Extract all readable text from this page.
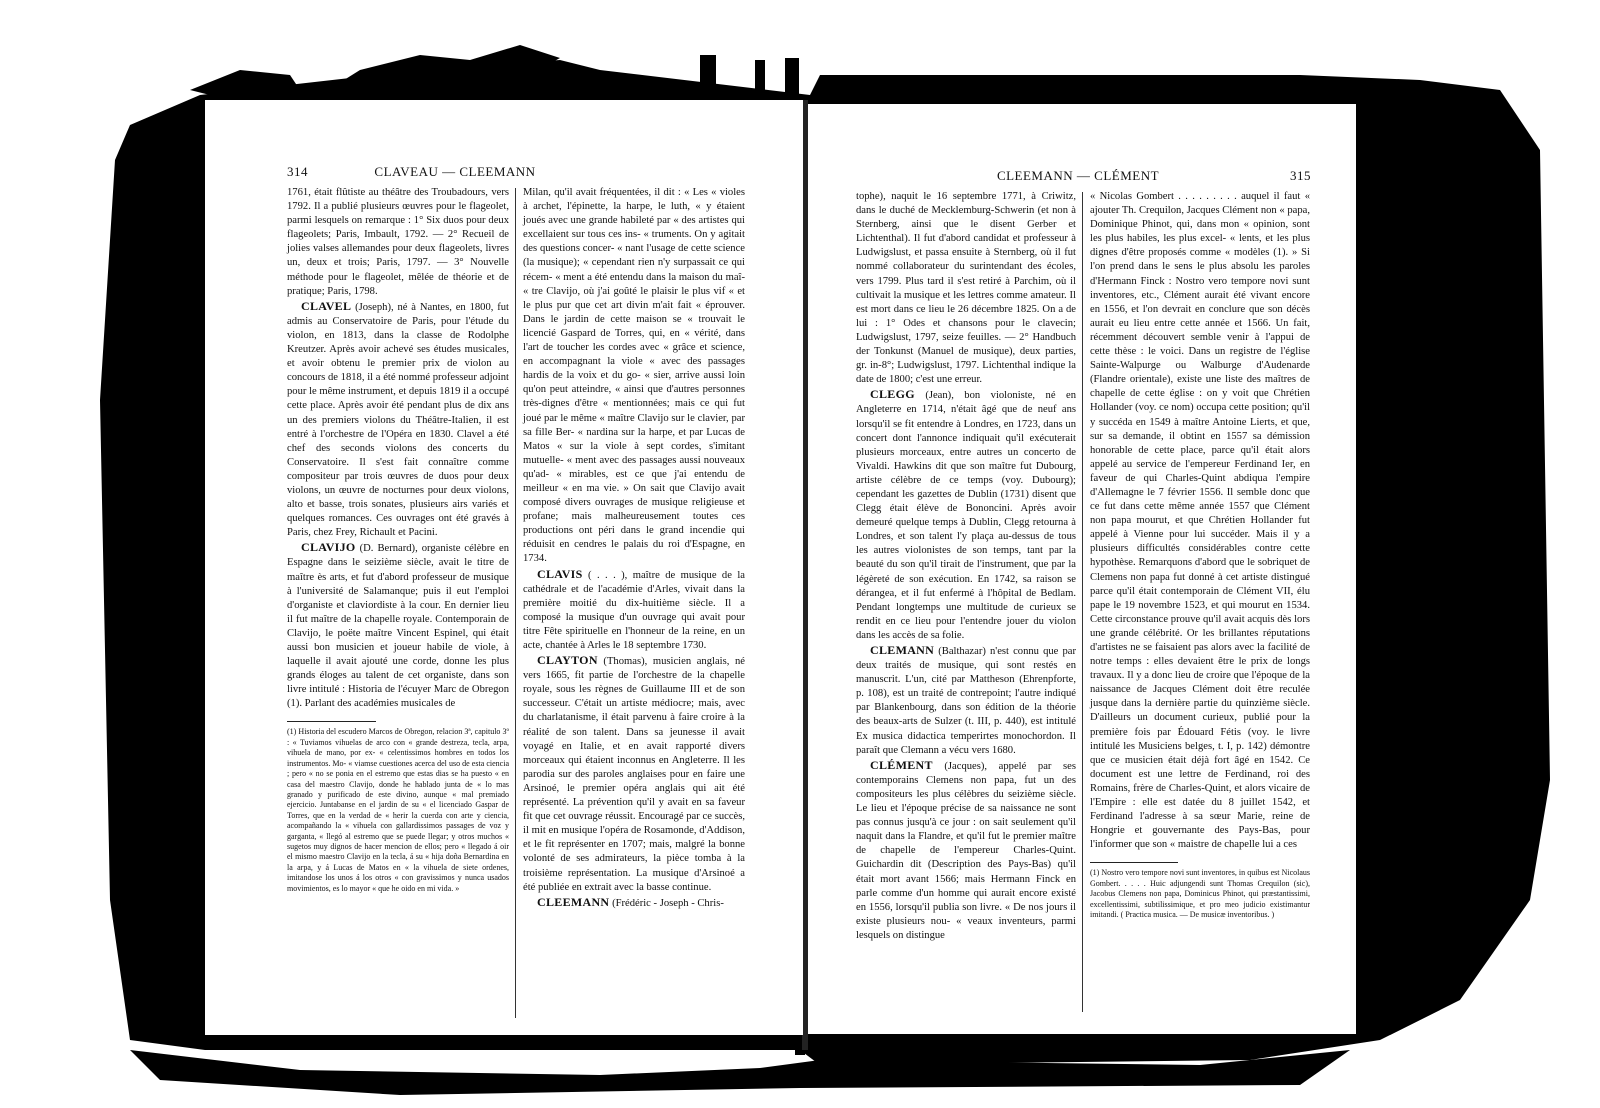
314	CLAVEAU — CLEEMANN

1761, était flûtiste au théâtre des Troubadours, vers 1792. Il a publié plusieurs œuvres pour le flageolet, parmi lesquels on remarque : 1° Six duos pour deux flageolets; Paris, Imbault, 1792. — 2° Recueil de jolies valses allemandes pour deux flageolets, livres un, deux et trois; Paris, 1797. — 3° Nouvelle méthode pour le flageolet, mêlée de théorie et de pratique; Paris, 1798.

CLAVEL (Joseph), né à Nantes, en 1800, fut admis au Conservatoire de Paris, pour l'étude du violon, en 1813, dans la classe de Rodolphe Kreutzer. Après avoir achevé ses études musicales, et avoir obtenu le premier prix de violon au concours de 1818, il a été nommé professeur adjoint pour le même instrument, et depuis 1819 il a occupé cette place. Après avoir été pendant plus de dix ans un des premiers violons du Théâtre-Italien, il est entré à l'orchestre de l'Opéra en 1830. Clavel a été chef des seconds violons des concerts du Conservatoire. Il s'est fait connaître comme compositeur par trois œuvres de duos pour deux violons, un œuvre de nocturnes pour deux violons, alto et basse, trois sonates, plusieurs airs variés et quelques romances. Ces ouvrages ont été gravés à Paris, chez Frey, Richault et Pacini.

CLAVIJO (D. Bernard), organiste célèbre en Espagne dans le seizième siècle, avait le titre de maître ès arts, et fut d'abord professeur de musique à l'université de Salamanque; puis il eut l'emploi d'organiste et claviordiste à la cour. En dernier lieu il fut maître de la chapelle royale. Contemporain de Clavijo, le poëte maître Vincent Espinel, qui était aussi bon musicien et joueur habile de viole, à laquelle il avait ajouté une corde, donne les plus grands éloges au talent de cet organiste, dans son livre intitulé : Historia de l'écuyer Marc de Obregon (1). Parlant des académies musicales de

(1) Historia del escudero Marcos de Obregon, relacion 3ª, capitulo 3º : « Tuviamos vihuelas de arco con « grande destreza, tecla, arpa, vihuela de mano, por ex- « celentissimos hombres en todos los instrumentos. Mo- « viamse cuestiones acerca del uso de esta ciencia ; pero « no se ponia en el estremo que estas dias se ha puesto « en casa del maestro Clavijo, donde he hablado junta de « lo mas granado y purificado de este divino, aunque « mal premiado ejercicio. Juntabanse en el jardin de su « el licenciado Gaspar de Torres, que en la verdad de « herir la cuerda con arte y ciencia, acompañando la « vihuela con gallardissimos passages de voz y garganta, « llegó al estremo que se puede llegar; y otros muchos « sugetos muy dignos de hacer mencion de ellos; pero « llegado á oir el mismo maestro Clavijo en la tecla, á su « hija doña Bernardina en la arpa, y á Lucas de Matos en « la vihuela de siete ordenes, imitandose los unos á los otros « con gravissimos y nunca usados movimientos, es lo mayor « que he oido en mi vida. »

Milan, qu'il avait fréquentées, il dit : « Les « violes à archet, l'épinette, la harpe, le luth, « y étaient joués avec une grande habileté par « des artistes qui excellaient sur tous ces ins- « truments. On y agitait des questions concer- « nant l'usage de cette science (la musique); « cependant rien n'y surpassait ce qui récem- « ment a été entendu dans la maison du maî- « tre Clavijo, où j'ai goûté le plaisir le plus vif « et le plus pur que cet art divin m'ait fait « éprouver. Dans le jardin de cette maison se « trouvait le licencié Gaspard de Torres, qui, en « vérité, dans l'art de toucher les cordes avec « grâce et science, en accompagnant la viole « avec des passages hardis de la voix et du go- « sier, arrive aussi loin qu'on peut atteindre, « ainsi que d'autres personnes très-dignes d'être « mentionnées; mais ce qui fut joué par le même « maître Clavijo sur le clavier, par sa fille Ber- « nardina sur la harpe, et par Lucas de Matos « sur la viole à sept cordes, s'imitant mutuelle- « ment avec des passages aussi nouveaux qu'ad- « mirables, est ce que j'ai entendu de meilleur « en ma vie. » On sait que Clavijo avait composé divers ouvrages de musique religieuse et profane; mais malheureusement toutes ces productions ont péri dans le grand incendie qui réduisit en cendres le palais du roi d'Espagne, en 1734.

CLAVIS ( . . . ), maître de musique de la cathédrale et de l'académie d'Arles, vivait dans la première moitié du dix-huitième siècle. Il a composé la musique d'un ouvrage qui avait pour titre Fête spirituelle en l'honneur de la reine, en un acte, chantée à Arles le 18 septembre 1730.

CLAYTON (Thomas), musicien anglais, né vers 1665, fit partie de l'orchestre de la chapelle royale, sous les règnes de Guillaume III et de son successeur. C'était un artiste médiocre; mais, avec du charlatanisme, il était parvenu à faire croire à la réalité de son talent. Dans sa jeunesse il avait voyagé en Italie, et en avait rapporté divers morceaux qui étaient inconnus en Angleterre. Il les parodia sur des paroles anglaises pour en faire une Arsinoé, le premier opéra anglais qui ait été représenté. La prévention qu'il y avait en sa faveur fit que cet ouvrage réussit. Encouragé par ce succès, il mit en musique l'opéra de Rosamonde, d'Addison, et le fit représenter en 1707; mais, malgré la bonne volonté de ses admirateurs, la pièce tomba à la troisième représentation. La musique d'Arsinoé a été publiée en extrait avec la basse continue.

CLEEMANN (Frédéric - Joseph - Chris-

CLEEMANN — CLÉMENT	315

tophe), naquit le 16 septembre 1771, à Criwitz, dans le duché de Mecklemburg-Schwerin (et non à Sternberg, ainsi que le disent Gerber et Lichtenthal). Il fut d'abord candidat et professeur à Ludwigslust, et passa ensuite à Sternberg, où il fut nommé collaborateur du surintendant des écoles, vers 1799. Plus tard il s'est retiré à Parchim, où il cultivait la musique et les lettres comme amateur. Il est mort dans ce lieu le 26 décembre 1825. On a de lui : 1° Odes et chansons pour le clavecin; Ludwigslust, 1797, seize feuilles. — 2° Handbuch der Tonkunst (Manuel de musique), deux parties, gr. in-8°; Ludwigslust, 1797. Lichtenthal indique la date de 1800; c'est une erreur.

CLEGG (Jean), bon violoniste, né en Angleterre en 1714, n'était âgé que de neuf ans lorsqu'il se fit entendre à Londres, en 1723, dans un concert dont l'annonce indiquait qu'il exécuterait plusieurs morceaux, entre autres un concerto de Vivaldi. Hawkins dit que son maître fut Dubourg, artiste célèbre de ce temps (voy. Dubourg); cependant les gazettes de Dublin (1731) disent que Clegg était élève de Bononcini. Après avoir demeuré quelque temps à Dublin, Clegg retourna à Londres, et son talent l'y plaça au-dessus de tous les autres violonistes de son temps, tant par la beauté du son qu'il tirait de l'instrument, que par la légèreté de son exécution. En 1742, sa raison se dérangea, et il fut enfermé à l'hôpital de Bedlam. Pendant longtemps une multitude de curieux se rendit en ce lieu pour l'entendre jouer du violon dans les accès de sa folie.

CLEMANN (Balthazar) n'est connu que par deux traités de musique, qui sont restés en manuscrit. L'un, cité par Mattheson (Ehrenpforte, p. 108), est un traité de contrepoint; l'autre indiqué par Blankenbourg, dans son édition de la théorie des beaux-arts de Sulzer (t. III, p. 440), est intitulé Ex musica didactica temperirtes monochordon. Il paraît que Clemann a vécu vers 1680.

CLÉMENT (Jacques), appelé par ses contemporains Clemens non papa, fut un des compositeurs les plus célèbres du seizième siècle. Le lieu et l'époque précise de sa naissance ne sont pas connus jusqu'à ce jour : on sait seulement qu'il naquit dans la Flandre, et qu'il fut le premier maître de chapelle de l'empereur Charles-Quint. Guichardin dit (Description des Pays-Bas) qu'il était mort avant 1566; mais Hermann Finck en parle comme d'un homme qui aurait encore existé en 1556, lorsqu'il publia son livre. « De nos jours il existe plusieurs nou- « veaux inventeurs, parmi lesquels on distingue

« Nicolas Gombert . . . . . . . . . auquel il faut « ajouter Th. Crequilon, Jacques Clément non « papa, Dominique Phinot, qui, dans mon « opinion, sont les plus habiles, les plus excel- « lents, et les plus dignes d'être proposés comme « modèles (1). » Si l'on prend dans le sens le plus absolu les paroles d'Hermann Finck : Nostro vero tempore novi sunt inventores, etc., Clément aurait été vivant encore en 1556, et l'on devrait en conclure que son décès aurait eu lieu entre cette année et 1566. Un fait, récemment découvert semble venir à l'appui de cette thèse : le voici. Dans un registre de l'église Sainte-Walpurge ou Walburge d'Audenarde (Flandre orientale), existe une liste des maîtres de chapelle de cette église : on y voit que Chrétien Hollander (voy. ce nom) occupa cette position; qu'il y succéda en 1549 à maître Antoine Lierts, et que, sur sa demande, il obtint en 1557 sa démission honorable de cette place, parce qu'il était alors appelé au service de l'empereur Ferdinand Ier, en faveur de qui Charles-Quint abdiqua l'empire d'Allemagne le 7 février 1556. Il semble donc que ce fut dans cette même année 1557 que Clément non papa mourut, et que Chrétien Hollander fut appelé à Vienne pour lui succéder. Mais il y a plusieurs difficultés considérables contre cette hypothèse. Remarquons d'abord que le sobriquet de Clemens non papa fut donné à cet artiste distingué parce qu'il était contemporain de Clément VII, élu pape le 19 novembre 1523, et qui mourut en 1534. Cette circonstance prouve qu'il avait acquis dès lors une grande célébrité. Or les brillantes réputations d'artistes ne se faisaient pas alors avec la facilité de notre temps : elles devaient être le prix de longs travaux. Il y a donc lieu de croire que l'époque de la naissance de Jacques Clément doit être reculée jusque dans la dernière partie du quinzième siècle. D'ailleurs un document curieux, publié pour la première fois par Édouard Fétis (voy. le livre intitulé les Musiciens belges, t. I, p. 142) démontre que ce musicien était déjà fort âgé en 1542. Ce document est une lettre de Ferdinand, roi des Romains, frère de Charles-Quint, et alors vicaire de l'Empire : elle est datée du 8 juillet 1542, et Ferdinand l'adresse à sa sœur Marie, reine de Hongrie et gouvernante des Pays-Bas, pour l'informer que son « maistre de chapelle lui a ces

(1) Nostro vero tempore novi sunt inventores, in quibus est Nicolaus Gombert. . . . . Huic adjungendi sunt Thomas Crequilon (sic), Jacobus Clemens non papa, Dominicus Phinot, qui præstantissimi, excellentissimi, subtilissimique, et pro meo judicio existimantur imitandi. ( Practica musica. — De musicæ inventoribus. )
